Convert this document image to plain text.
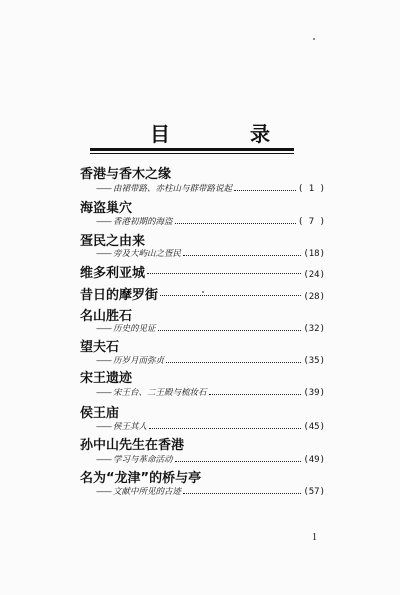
目	录
香港与香木之缘
—— 由裙带路、赤柱山与群带路说起	( 1 )
海盗巢穴
—— 香港初期的海盗	( 7 )
疍民之由来
—— 旁及大屿山之疍民	(18)
维多利亚城	(24)
昔日的摩罗街	(28)
名山胜石
—— 历史的见证	(32)
望夫石
—— 历岁月而弥贞	(35)
宋王遗迹
—— 宋王台、二王殿与梳妆石	(39)
侯王庙
—— 侯王其人	(45)
孙中山先生在香港
—— 学习与革命活动	(49)
名为“龙津”的桥与亭
—— 文献中所见的古迹	(57)
1
